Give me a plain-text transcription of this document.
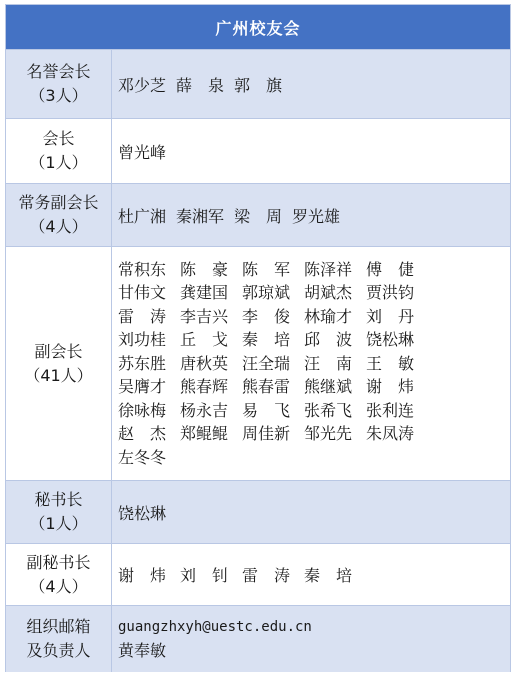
广州校友会
名誉会长
（3人）
邓少芝 薛　泉 郭　旗
会长
（1人）
曾光峰
常务副会长
（4人）
杜广湘 秦湘军 梁　周 罗光雄
副会长
（41人）
常积东 陈　豪 陈　军 陈泽祥 傅　倢
甘伟文 龚建国 郭琼斌 胡斌杰 贾洪钧
雷　涛 李吉兴 李　俊 林瑜才 刘　丹
刘功桂 丘　戈 秦　培 邱　波 饶松琳
苏东胜 唐秋英 汪全瑞 汪　南 王　敏
吴膺才 熊春辉 熊春雷 熊继斌 谢　炜
徐咏梅 杨永吉 易　飞 张希飞 张利连
赵　杰 郑鲲鲲 周佳新 邹光先 朱凤涛
左冬冬
秘书长
（1人）
饶松琳
副秘书长
（4人）
谢　炜 刘　钊 雷　涛 秦　培
组织邮箱
及负责人
guangzhxyh@uestc.edu.cn
黄奉敏
